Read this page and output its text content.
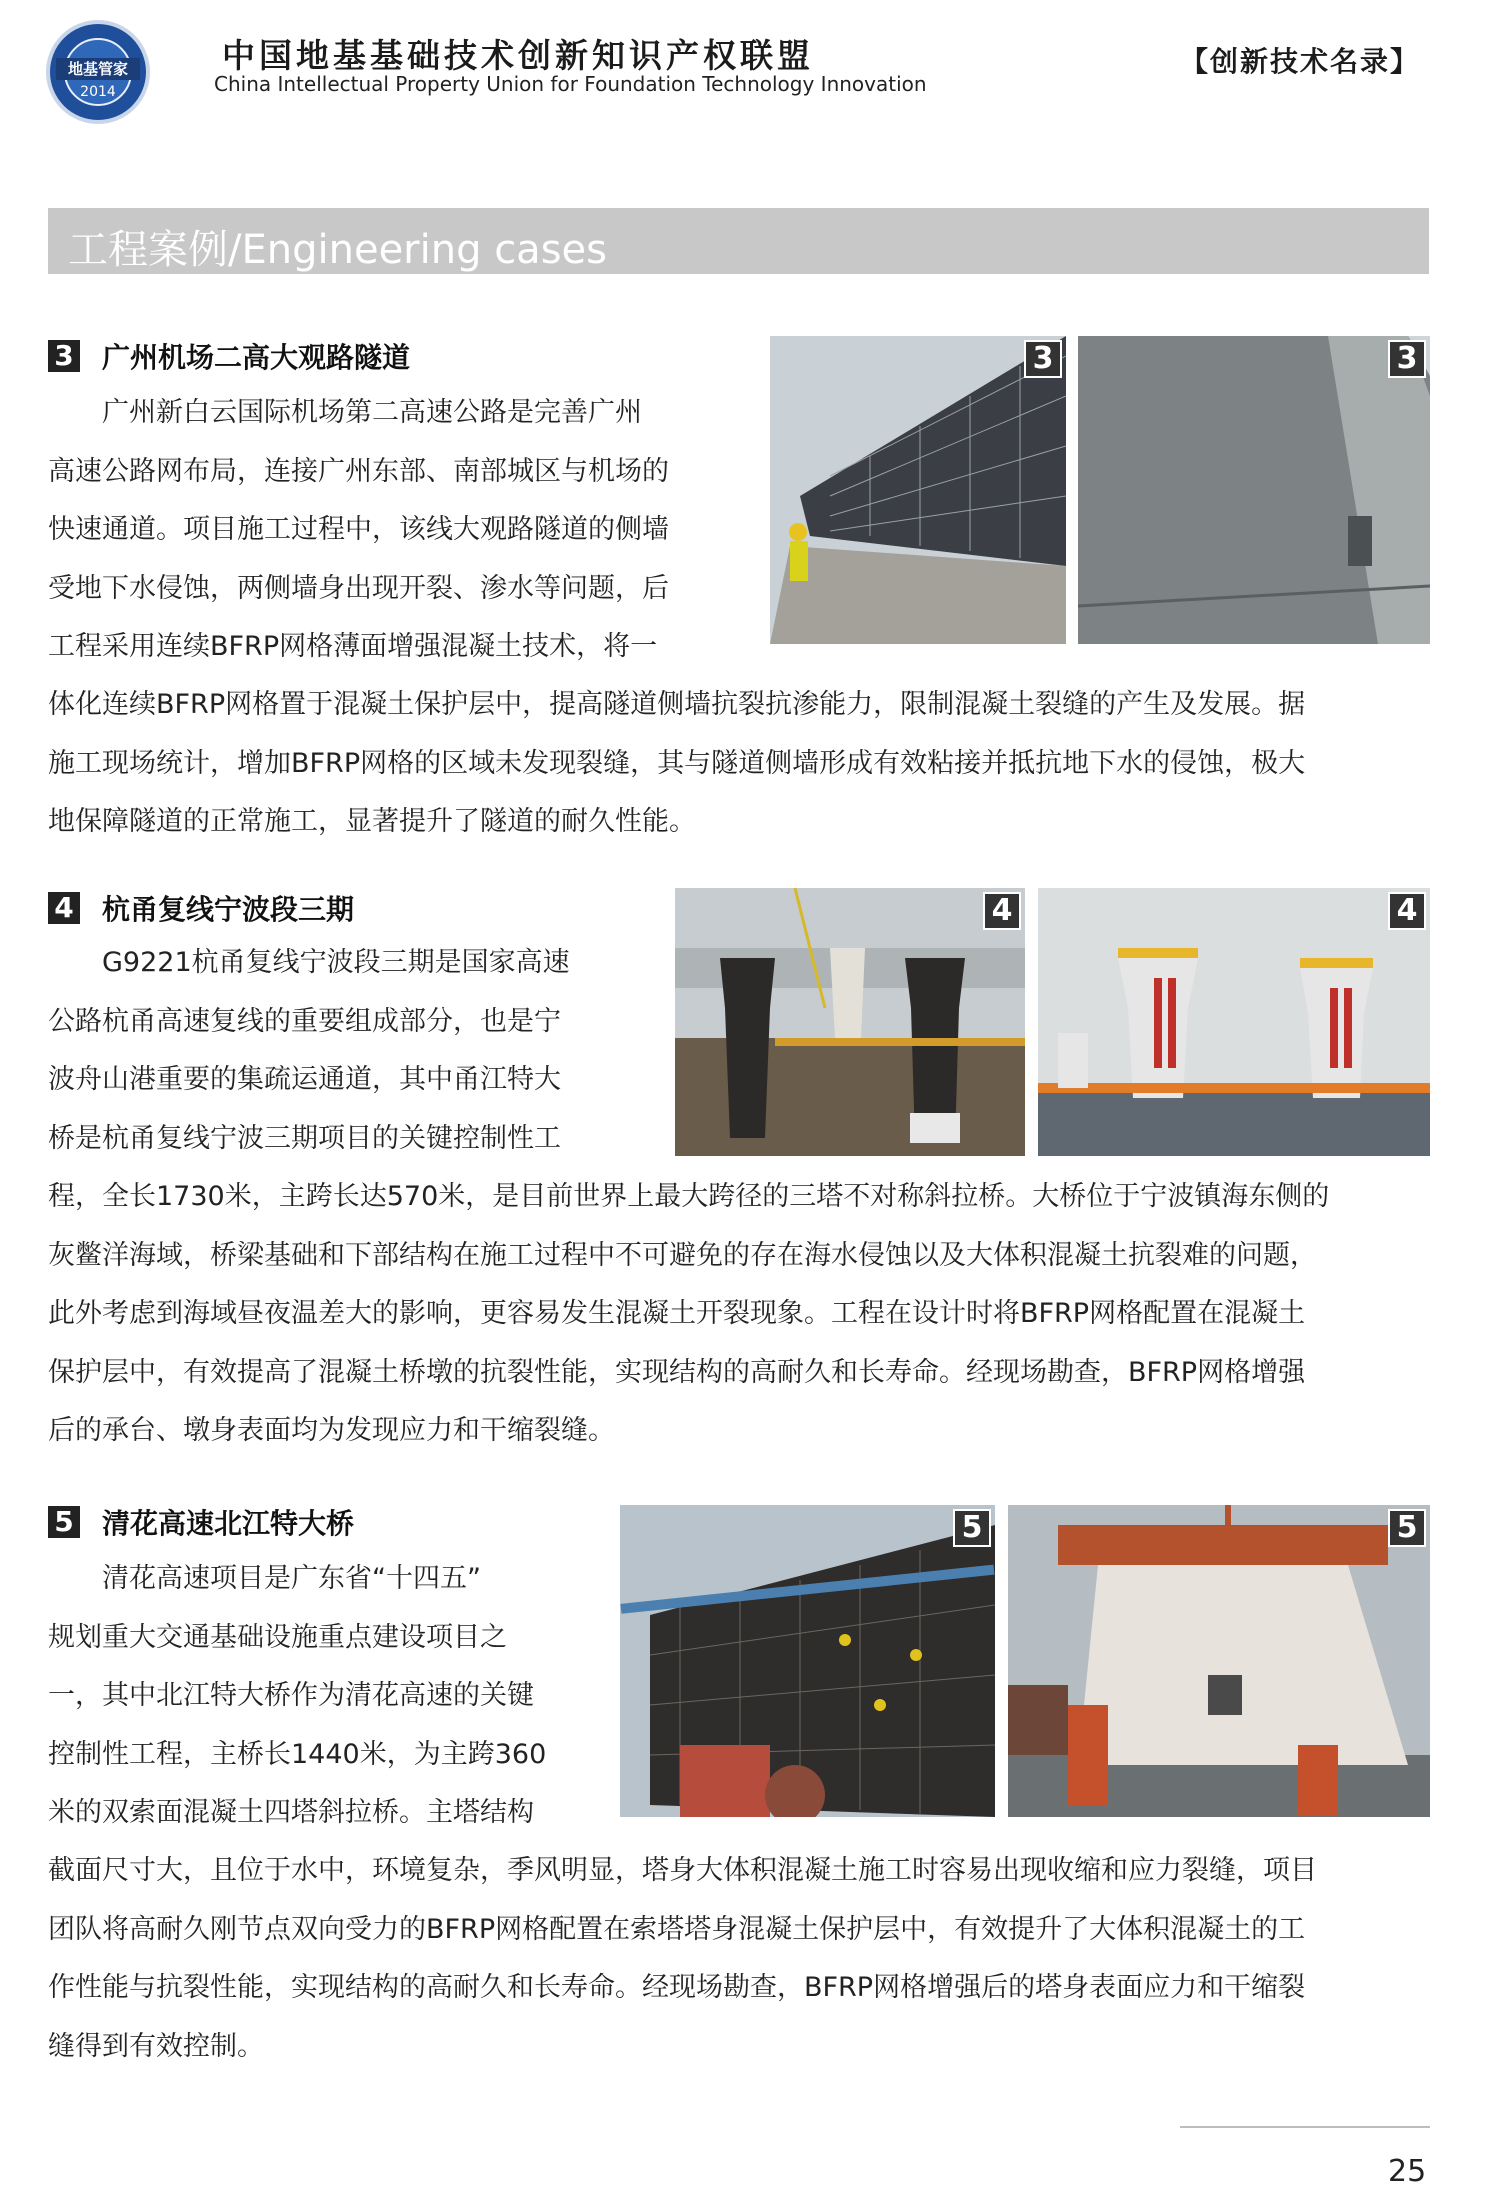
地基管家
2014
中国地基基础技术创新知识产权联盟
China Intellectual Property Union for Foundation Technology Innovation
【创新技术名录】
工程案例/Engineering cases
3 广州机场二高大观路隧道
　　广州新白云国际机场第二高速公路是完善广州
高速公路网布局，连接广州东部、南部城区与机场的
快速通道。项目施工过程中，该线大观路隧道的侧墙
受地下水侵蚀，两侧墙身出现开裂、渗水等问题，后
工程采用连续BFRP网格薄面增强混凝土技术，将一
体化连续BFRP网格置于混凝土保护层中，提高隧道侧墙抗裂抗渗能力，限制混凝土裂缝的产生及发展。据
施工现场统计，增加BFRP网格的区域未发现裂缝，其与隧道侧墙形成有效粘接并抵抗地下水的侵蚀，极大
地保障隧道的正常施工，显著提升了隧道的耐久性能。
3	3
4 杭甬复线宁波段三期
　　G9221杭甬复线宁波段三期是国家高速
公路杭甬高速复线的重要组成部分，也是宁
波舟山港重要的集疏运通道，其中甬江特大
桥是杭甬复线宁波三期项目的关键控制性工
程，全长1730米，主跨长达570米，是目前世界上最大跨径的三塔不对称斜拉桥。大桥位于宁波镇海东侧的
灰鳖洋海域，桥梁基础和下部结构在施工过程中不可避免的存在海水侵蚀以及大体积混凝土抗裂难的问题，
此外考虑到海域昼夜温差大的影响，更容易发生混凝土开裂现象。工程在设计时将BFRP网格配置在混凝土
保护层中，有效提高了混凝土桥墩的抗裂性能，实现结构的高耐久和长寿命。经现场勘查，BFRP网格增强
后的承台、墩身表面均为发现应力和干缩裂缝。
4	4
5 清花高速北江特大桥
　　清花高速项目是广东省“十四五”
规划重大交通基础设施重点建设项目之
一，其中北江特大桥作为清花高速的关键
控制性工程，主桥长1440米，为主跨360
米的双索面混凝土四塔斜拉桥。主塔结构
截面尺寸大，且位于水中，环境复杂，季风明显，塔身大体积混凝土施工时容易出现收缩和应力裂缝，项目
团队将高耐久刚节点双向受力的BFRP网格配置在索塔塔身混凝土保护层中，有效提升了大体积混凝土的工
作性能与抗裂性能，实现结构的高耐久和长寿命。经现场勘查，BFRP网格增强后的塔身表面应力和干缩裂
缝得到有效控制。
5	5
25
